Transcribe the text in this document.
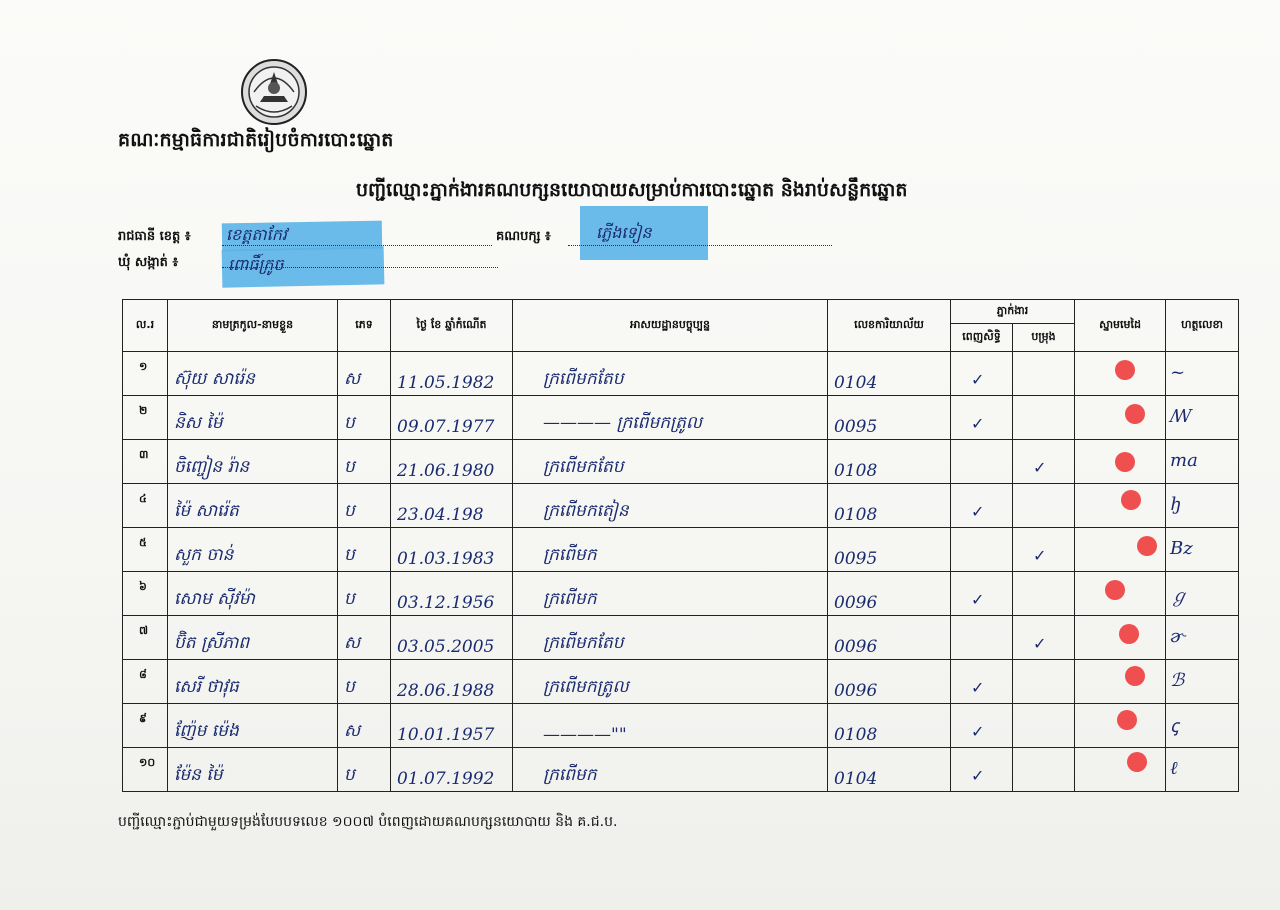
គណៈកម្មាធិការជាតិរៀបចំការបោះឆ្នោត
បញ្ជីឈ្មោះភ្នាក់ងារគណបក្សនយោបាយសម្រាប់ការបោះឆ្នោត និងរាប់សន្លឹកឆ្នោត
រាជធានី ខេត្ត ៖ ខេត្តតាកែវ	គណបក្ស ៖	ភ្លើងទៀន
ឃុំ សង្កាត់ ៖	ពោធិ៍ក្រូច
ល.រ	នាមត្រកូល-នាមខ្លួន	ភេទ	ថ្ងៃ ខែ ឆ្នាំកំណើត	អាសយដ្ឋានបច្ចុប្បន្ន	លេខការិយាល័យ	ភ្នាក់ងារ		ស្នាមមេដៃ	ហត្ថលេខា
						ពេញសិទ្ធិ	បម្រុង		

១	ស៊ុយ សារ៉េន	ស	11.05.1982	ក្រពើមកតែប	0104	✓			~

២	និស ម៉ៃ	ប	09.07.1977	———— ក្រពើមកត្រូល	0095	✓			ꟿ

៣	ចិញ្ចៀន រ៉ាន	ប	21.06.1980	ក្រពើមកតែប	0108		✓		ma

៤	ម៉ៃ សារ៉េត	ប	23.04.198	ក្រពើមកតៀន	0108	✓			ꜧ

៥	សួក ចាន់	ប	01.03.1983	ក្រពើមក	0095		✓		Bz

៦	សោម ស៊ីវម៉ា	ប	03.12.1956	ក្រពើមក	0096	✓			ℊ

៧	ប៊ិត ស្រីភាព	ស	03.05.2005	ក្រពើមកតែប	0096		✓		ɚ

៨	សេរី ថាវុធ	ប	28.06.1988	ក្រពើមកត្រូល	0096	✓			ℬ

៩	ញ៉ែម ម៉េង	ស	10.01.1957	————""	0108	✓			ꞔ

១០	ម៉ែន ម៉ៃ	ប	01.07.1992	ក្រពើមក	0104	✓			ℓ
បញ្ជីឈ្មោះភ្ជាប់ជាមួយទម្រង់បែបបទលេខ ១០០៧ បំពេញដោយគណបក្សនយោបាយ និង គ.ជ.ប.
